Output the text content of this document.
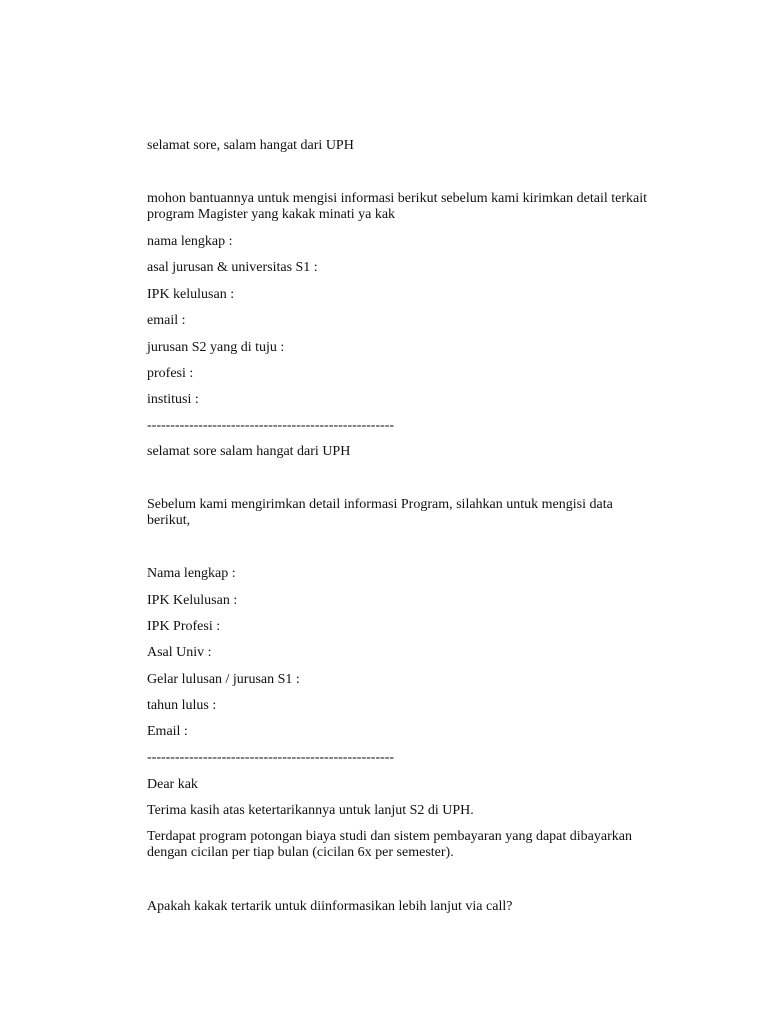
selamat sore, salam hangat dari UPH
mohon bantuannya untuk mengisi informasi berikut sebelum kami kirimkan detail terkait program Magister yang kakak minati ya kak
nama lengkap :
asal jurusan & universitas S1 :
IPK kelulusan :
email :
jurusan S2 yang di tuju :
profesi :
institusi :
-----------------------------------------------------
selamat sore salam hangat dari UPH
Sebelum kami mengirimkan detail informasi Program, silahkan untuk mengisi data berikut,
Nama lengkap :
IPK Kelulusan :
IPK Profesi :
Asal Univ :
Gelar lulusan / jurusan S1 :
tahun lulus :
Email :
-----------------------------------------------------
Dear kak
Terima kasih atas ketertarikannya untuk lanjut S2 di UPH.
Terdapat program potongan biaya studi dan sistem pembayaran yang dapat dibayarkan dengan cicilan per tiap bulan (cicilan 6x per semester).
Apakah kakak tertarik untuk diinformasikan lebih lanjut via call?
